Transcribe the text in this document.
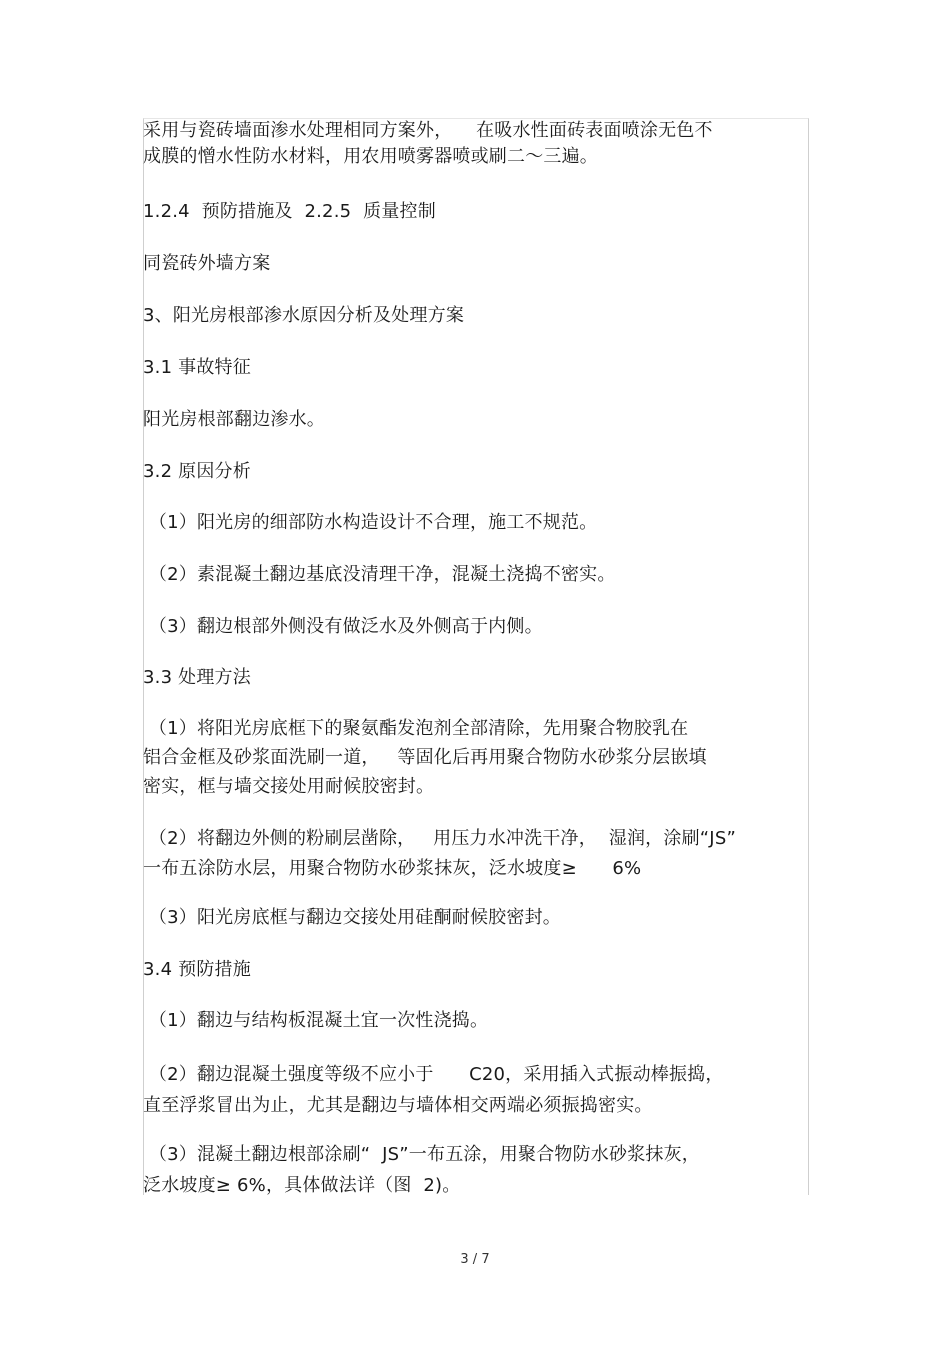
采用与瓷砖墙面渗水处理相同方案外，    在吸水性面砖表面喷涂无色不
成膜的憎水性防水材料，用农用喷雾器喷或刷二～三遍。
1.2.4  预防措施及  2.2.5  质量控制
同瓷砖外墙方案
3、阳光房根部渗水原因分析及处理方案
3.1 事故特征
阳光房根部翻边渗水。
3.2 原因分析
（1）阳光房的细部防水构造设计不合理，施工不规范。
（2）素混凝土翻边基底没清理干净，混凝土浇捣不密实。
（3）翻边根部外侧没有做泛水及外侧高于内侧。
3.3 处理方法
（1）将阳光房底框下的聚氨酯发泡剂全部清除，先用聚合物胶乳在
铝合金框及砂浆面洗刷一道，   等固化后再用聚合物防水砂浆分层嵌填
密实，框与墙交接处用耐候胶密封。
（2）将翻边外侧的粉刷层凿除，   用压力水冲洗干净，  湿润，涂刷“JS”
一布五涂防水层，用聚合物防水砂浆抹灰，泛水坡度≥      6%
（3）阳光房底框与翻边交接处用硅酮耐候胶密封。
3.4 预防措施
（1）翻边与结构板混凝土宜一次性浇捣。
（2）翻边混凝土强度等级不应小于      C20，采用插入式振动棒振捣，
直至浮浆冒出为止，尤其是翻边与墙体相交两端必须振捣密实。
（3）混凝土翻边根部涂刷“  JS”一布五涂，用聚合物防水砂浆抹灰，
泛水坡度≥ 6%，具体做法详（图  2)。
3 / 7
